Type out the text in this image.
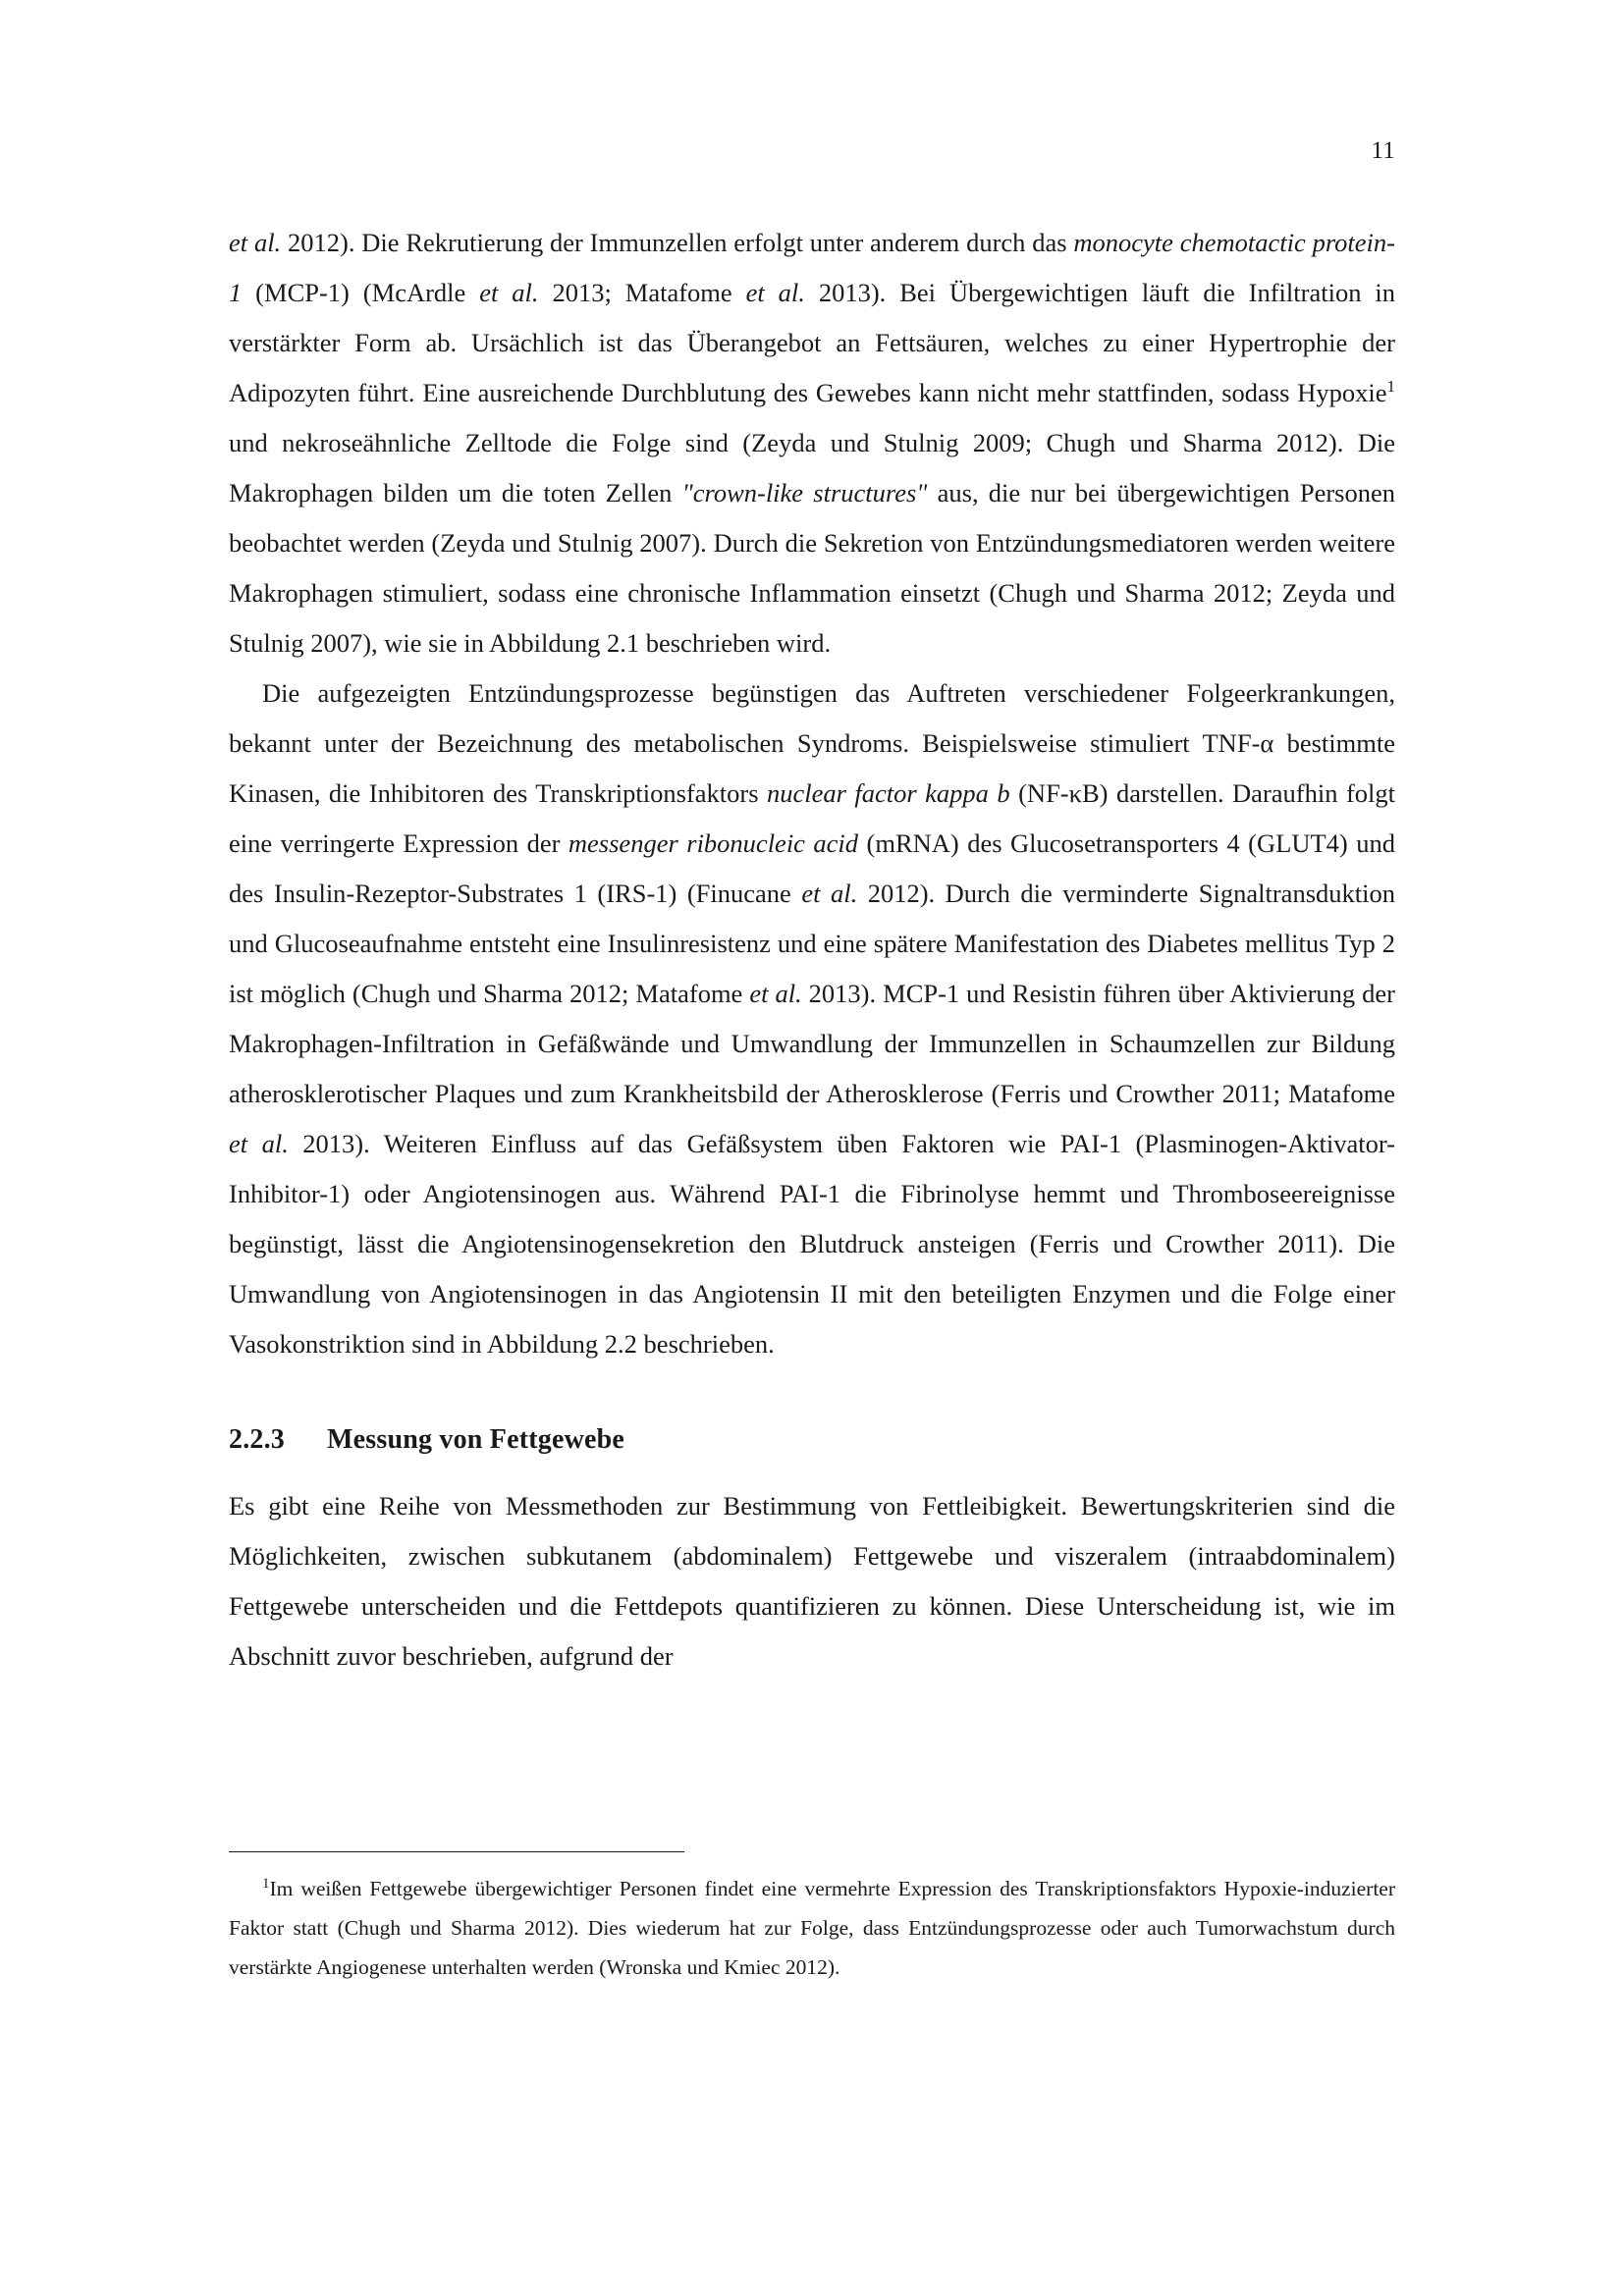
11

et al. 2012). Die Rekrutierung der Immunzellen erfolgt unter anderem durch das monocyte chemotactic protein-1 (MCP-1) (McArdle et al. 2013; Matafome et al. 2013). Bei Übergewichtigen läuft die Infiltration in verstärkter Form ab. Ursächlich ist das Überangebot an Fettsäuren, welches zu einer Hypertrophie der Adipozyten führt. Eine ausreichende Durchblutung des Gewebes kann nicht mehr stattfinden, sodass Hypoxie$^1$ und nekroseähnliche Zelltode die Folge sind (Zeyda und Stulnig 2009; Chugh und Sharma 2012). Die Makrophagen bilden um die toten Zellen "crown-like structures" aus, die nur bei übergewichtigen Personen beobachtet werden (Zeyda und Stulnig 2007). Durch die Sekretion von Entzündungsmediatoren werden weitere Makrophagen stimuliert, sodass eine chronische Inflammation einsetzt (Chugh und Sharma 2012; Zeyda und Stulnig 2007), wie sie in Abbildung 2.1 beschrieben wird.

Die aufgezeigten Entzündungsprozesse begünstigen das Auftreten verschiedener Folgeerkrankungen, bekannt unter der Bezeichnung des metabolischen Syndroms. Beispielsweise stimuliert TNF-α bestimmte Kinasen, die Inhibitoren des Transkriptionsfaktors nuclear factor kappa b (NF-κB) darstellen. Daraufhin folgt eine verringerte Expression der messenger ribonucleic acid (mRNA) des Glucosetransporters 4 (GLUT4) und des Insulin-Rezeptor-Substrates 1 (IRS-1) (Finucane et al. 2012). Durch die verminderte Signaltransduktion und Glucoseaufnahme entsteht eine Insulinresistenz und eine spätere Manifestation des Diabetes mellitus Typ 2 ist möglich (Chugh und Sharma 2012; Matafome et al. 2013). MCP-1 und Resistin führen über Aktivierung der Makrophagen-Infiltration in Gefäßwände und Umwandlung der Immunzellen in Schaumzellen zur Bildung atherosklerotischer Plaques und zum Krankheitsbild der Atherosklerose (Ferris und Crowther 2011; Matafome et al. 2013). Weiteren Einfluss auf das Gefäßsystem üben Faktoren wie PAI-1 (Plasminogen-Aktivator-Inhibitor-1) oder Angiotensinogen aus. Während PAI-1 die Fibrinolyse hemmt und Thromboseereignisse begünstigt, lässt die Angiotensinogensekretion den Blutdruck ansteigen (Ferris und Crowther 2011). Die Umwandlung von Angiotensinogen in das Angiotensin II mit den beteiligten Enzymen und die Folge einer Vasokonstriktion sind in Abbildung 2.2 beschrieben.

2.2.3 Messung von Fettgewebe

Es gibt eine Reihe von Messmethoden zur Bestimmung von Fettleibigkeit. Bewertungskriterien sind die Möglichkeiten, zwischen subkutanem (abdominalem) Fettgewebe und viszeralem (intraabdominalem) Fettgewebe unterscheiden und die Fettdepots quantifizieren zu können. Diese Unterscheidung ist, wie im Abschnitt zuvor beschrieben, aufgrund der

$^1$Im weißen Fettgewebe übergewichtiger Personen findet eine vermehrte Expression des Transkriptionsfaktors Hypoxie-induzierter Faktor statt (Chugh und Sharma 2012). Dies wiederum hat zur Folge, dass Entzündungsprozesse oder auch Tumorwachstum durch verstärkte Angiogenese unterhalten werden (Wronska und Kmiec 2012).
